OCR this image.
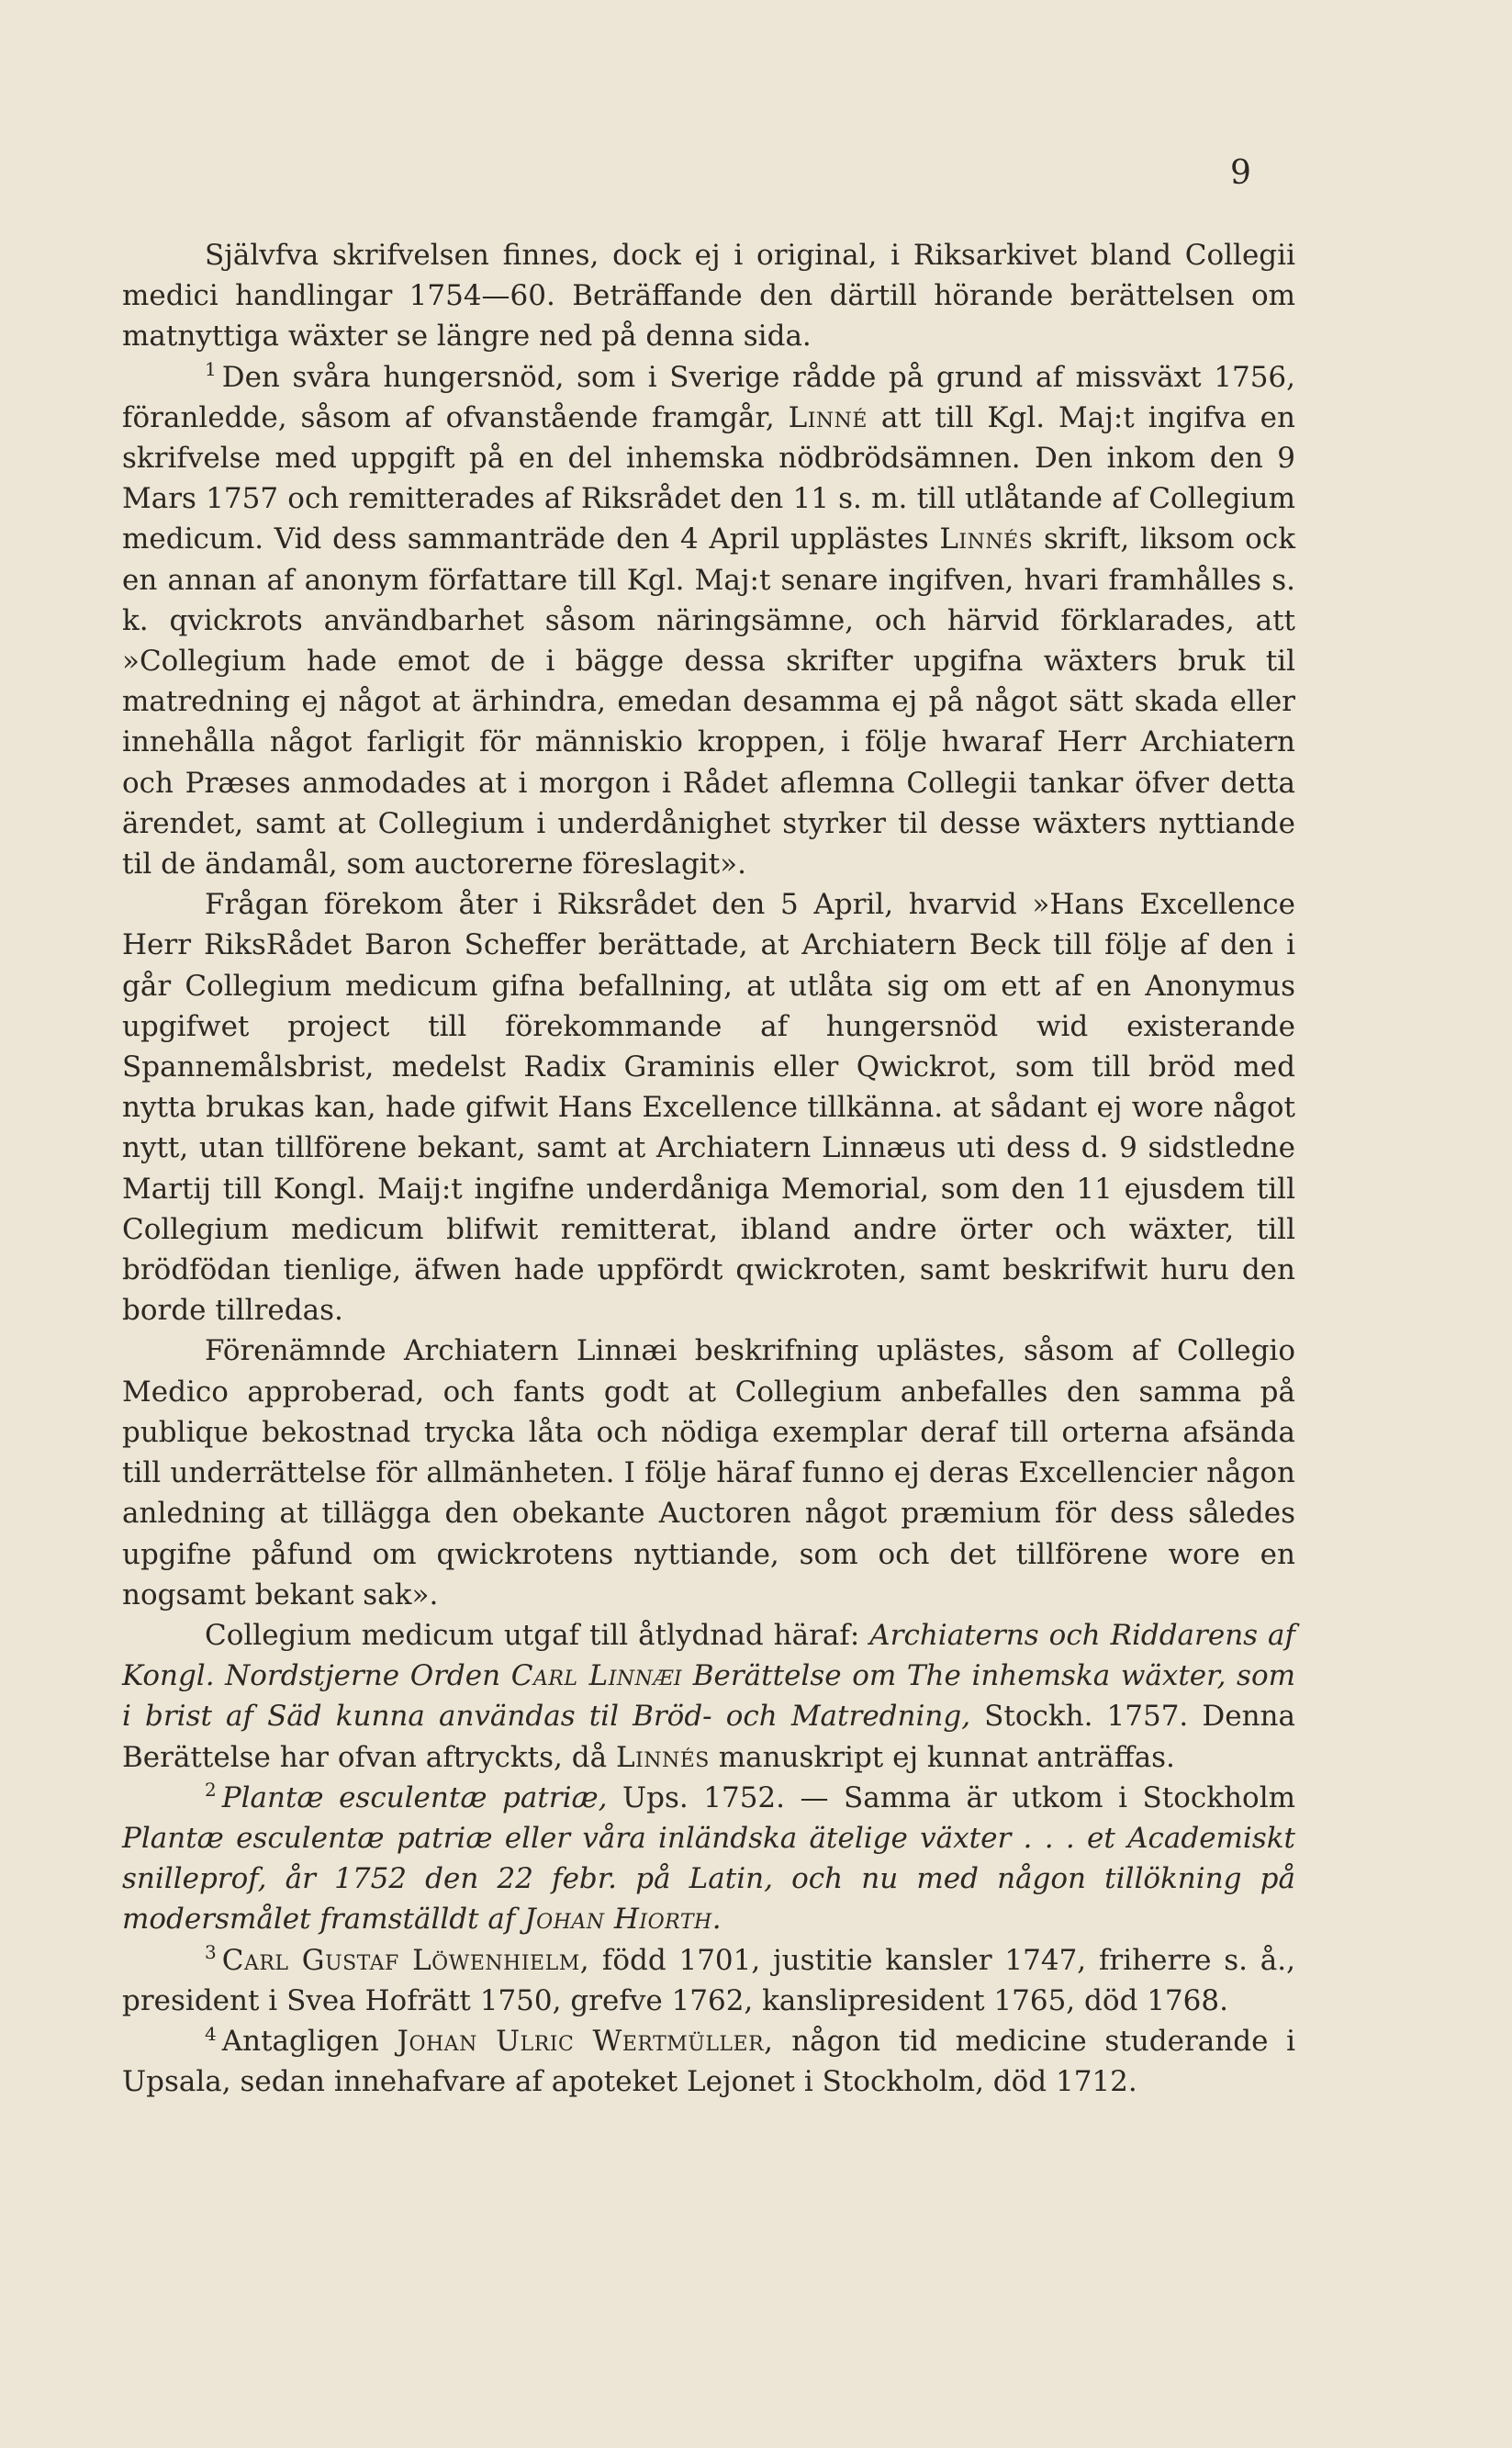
9

Självfva skrifvelsen finnes, dock ej i original, i Riksarkivet bland Collegii medici handlingar 1754—60. Beträffande den därtill hörande berättelsen om matnyttiga wäxter se längre ned på denna sida.

$^1$ Den svåra hungersnöd, som i Sverige rådde på grund af missväxt 1756, föranledde, såsom af ofvanstående framgår, Linné att till Kgl. Maj:t ingifva en skrifvelse med uppgift på en del inhemska nödbrödsämnen. Den inkom den 9 Mars 1757 och remitterades af Riksrådet den 11 s. m. till utlåtande af Collegium medicum. Vid dess sammanträde den 4 April upplästes Linnés skrift, liksom ock en annan af anonym författare till Kgl. Maj:t senare ingifven, hvari framhålles s. k. qvickrots användbarhet såsom näringsämne, och härvid förklarades, att »Collegium hade emot de i bägge dessa skrifter upgifna wäxters bruk til matredning ej något at ärhindra, emedan desamma ej på något sätt skada eller innehålla något farligit för människio kroppen, i följe hwaraf Herr Archiatern och Præses anmodades at i morgon i Rådet aflemna Collegii tankar öfver detta ärendet, samt at Collegium i underdånighet styrker til desse wäxters nyttiande til de ändamål, som auctorerne föreslagit».

Frågan förekom åter i Riksrådet den 5 April, hvarvid »Hans Excellence Herr RiksRådet Baron Scheffer berättade, at Archiatern Beck till följe af den i går Collegium medicum gifna befallning, at utlåta sig om ett af en Anonymus upgifwet project till förekommande af hungersnöd wid existerande Spannemålsbrist, medelst Radix Graminis eller Qwickrot, som till bröd med nytta brukas kan, hade gifwit Hans Excellence tillkänna. at sådant ej wore något nytt, utan tillförene bekant, samt at Archiatern Linnæus uti dess d. 9 sidstledne Martij till Kongl. Maij:t ingifne underdåniga Memorial, som den 11 ejusdem till Collegium medicum blifwit remitterat, ibland andre örter och wäxter, till brödfödan tienlige, äfwen hade uppfördt qwickroten, samt beskrifwit huru den borde tillredas.

Förenämnde Archiatern Linnæi beskrifning uplästes, såsom af Collegio Medico approberad, och fants godt at Collegium anbefalles den samma på publique bekostnad trycka låta och nödiga exemplar deraf till orterna afsända till underrättelse för allmänheten. I följe häraf funno ej deras Excellencier någon anledning at tillägga den obekante Auctoren något præmium för dess således upgifne påfund om qwickrotens nyttiande, som och det tillförene wore en nogsamt bekant sak».

Collegium medicum utgaf till åtlydnad häraf: Archiaterns och Riddarens af Kongl. Nordstjerne Orden Carl Linnæi Berättelse om The inhemska wäxter, som i brist af Säd kunna användas til Bröd- och Matredning, Stockh. 1757. Denna Berättelse har ofvan aftryckts, då Linnés manuskript ej kunnat anträffas.

$^2$ Plantæ esculentæ patriæ, Ups. 1752. — Samma är utkom i Stockholm Plantæ esculentæ patriæ eller våra inländska ätelige växter . . . et Academiskt snilleprof, år 1752 den 22 febr. på Latin, och nu med någon tillökning på modersmålet framställdt af Johan Hiorth.

$^3$ Carl Gustaf Löwenhielm, född 1701, justitie kansler 1747, friherre s. å., president i Svea Hofrätt 1750, grefve 1762, kanslipresident 1765, död 1768.

$^4$ Antagligen Johan Ulric Wertmüller, någon tid medicine studerande i Upsala, sedan innehafvare af apoteket Lejonet i Stockholm, död 1712.
